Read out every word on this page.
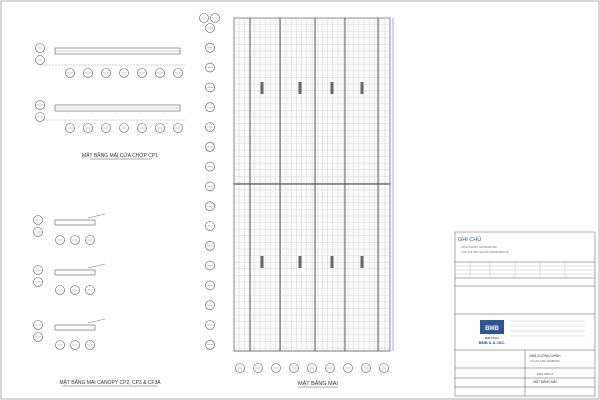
MẶT BẰNG MÁI CỬA CHỚP CP1
MẶT BẰNG MÁI CANOPY CP2, CP3 & CF3A	MẶT BẰNG MÁI
GHI CHÚ
- KÍCH THƯỚC GHI BẰNG MM.
- CÁC CHI TIẾT GHI RÕ TRONG BẢN VẼ.
BMB
BMB STEEL
BMB & A JSC.
NHÀ XƯỞNG CHÍNH
SALON CAR CAMBODIA
KHU VỰC A
MẶT BẰNG MÁI
